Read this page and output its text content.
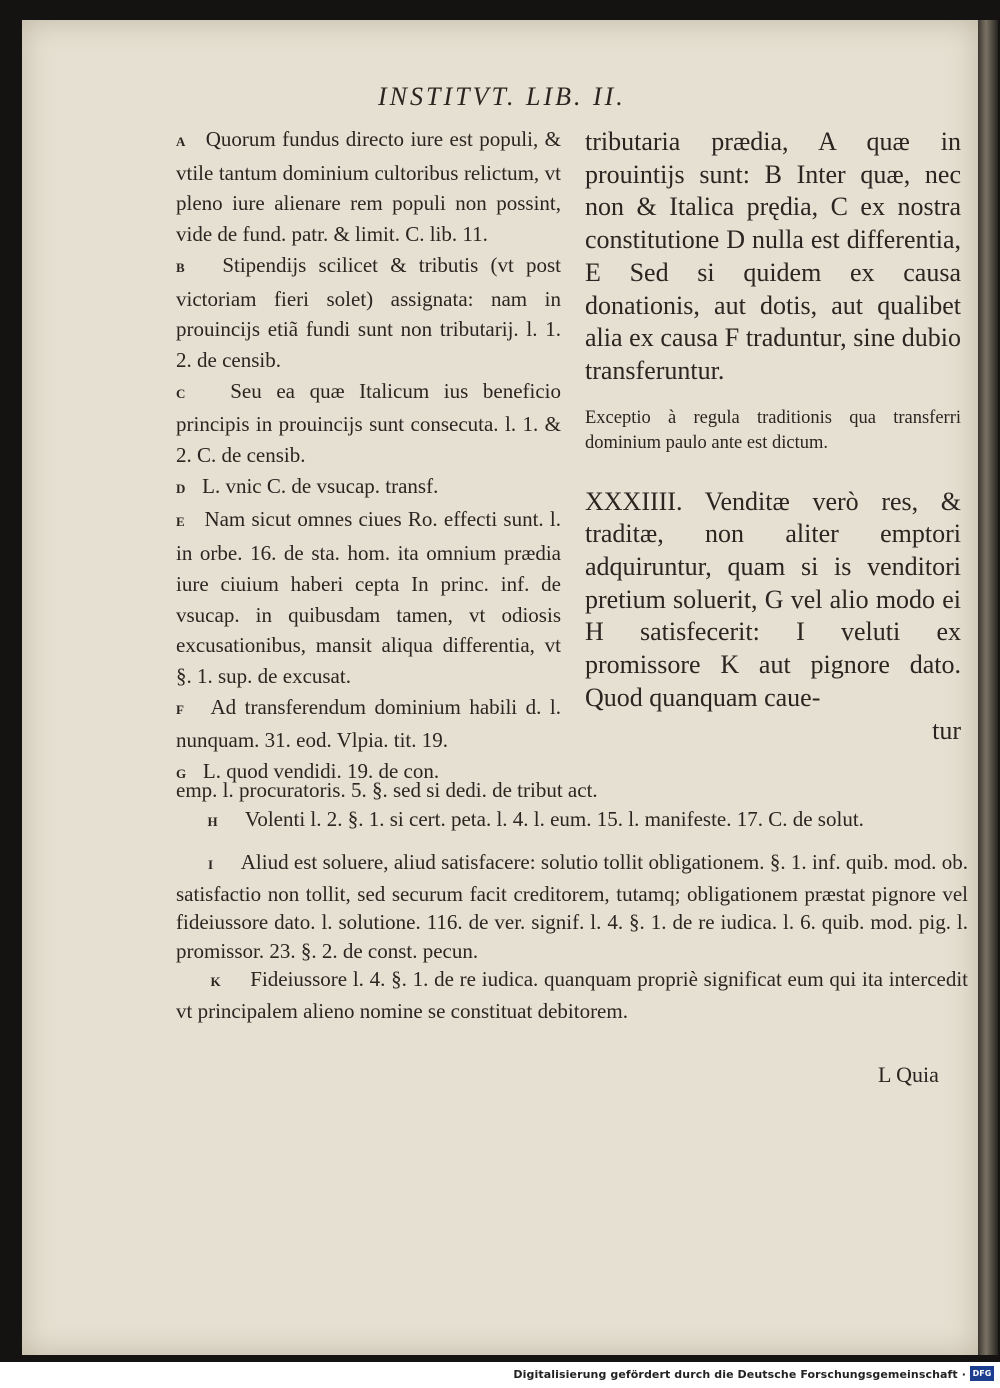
INSTITVT. LIB. II.

A Quorum fundus directo iure est populi, & vtile tantum dominium cultoribus relictum, vt pleno iure alienare rem populi non possint, vide de fund. patr. & limit. C. lib. 11.

B Stipendijs scilicet & tributis (vt post victoriam fieri solet) assignata: nam in prouincijs etiã fundi sunt non tributarij. l. 1. 2. de censib.

C Seu ea quæ Italicum ius beneficio principis in prouincijs sunt consecuta. l. 1. & 2. C. de censib.

D L. vnic C. de vsucap. transf.

E Nam sicut omnes ciues Ro. effecti sunt. l. in orbe. 16. de sta. hom. ita omnium prædia iure ciuium haberi cepta In princ. inf. de vsucap. in quibusdam tamen, vt odiosis excusationibus, mansit aliqua differentia, vt §. 1. sup. de excusat.

F Ad transferendum dominium habili d. l. nunquam. 31. eod. Vlpia. tit. 19.

G L. quod vendidi. 19. de con.

tributaria prædia, A quæ in prouintijs sunt: B Inter quæ, nec non & Italica prędia, C ex nostra constitutione D nulla est differentia, E Sed si quidem ex causa donationis, aut dotis, aut qualibet alia ex causa F traduntur, sine dubio transferuntur.

Exceptio à regula traditionis qua transferri dominium paulo ante est dictum.

XXXIIII. Venditæ verò res, & traditæ, non aliter emptori adquiruntur, quam si is venditori pretium soluerit, G vel alio modo ei H satisfecerit: I veluti ex promissore K aut pignore dato. Quod quanquam caue-

tur

emp. l. procuratoris. 5. §. sed si dedi. de tribut act.

H Volenti l. 2. §. 1. si cert. peta. l. 4. l. eum. 15. l. manifeste. 17. C. de solut.

I Aliud est soluere, aliud satisfacere: solutio tollit obligationem. §. 1. inf. quib. mod. ob. satisfactio non tollit, sed securum facit creditorem, tutamq; obligationem præstat pignore vel fideiussore dato. l. solutione. 116. de ver. signif. l. 4. §. 1. de re iudica. l. 6. quib. mod. pig. l. promissor. 23. §. 2. de const. pecun.

K Fideiussore l. 4. §. 1. de re iudica. quanquam propriè significat eum qui ita intercedit vt principalem alieno nomine se constituat debitorem.

L Quia
Digitalisierung gefördert durch die Deutsche Forschungsgemeinschaft · DFG
